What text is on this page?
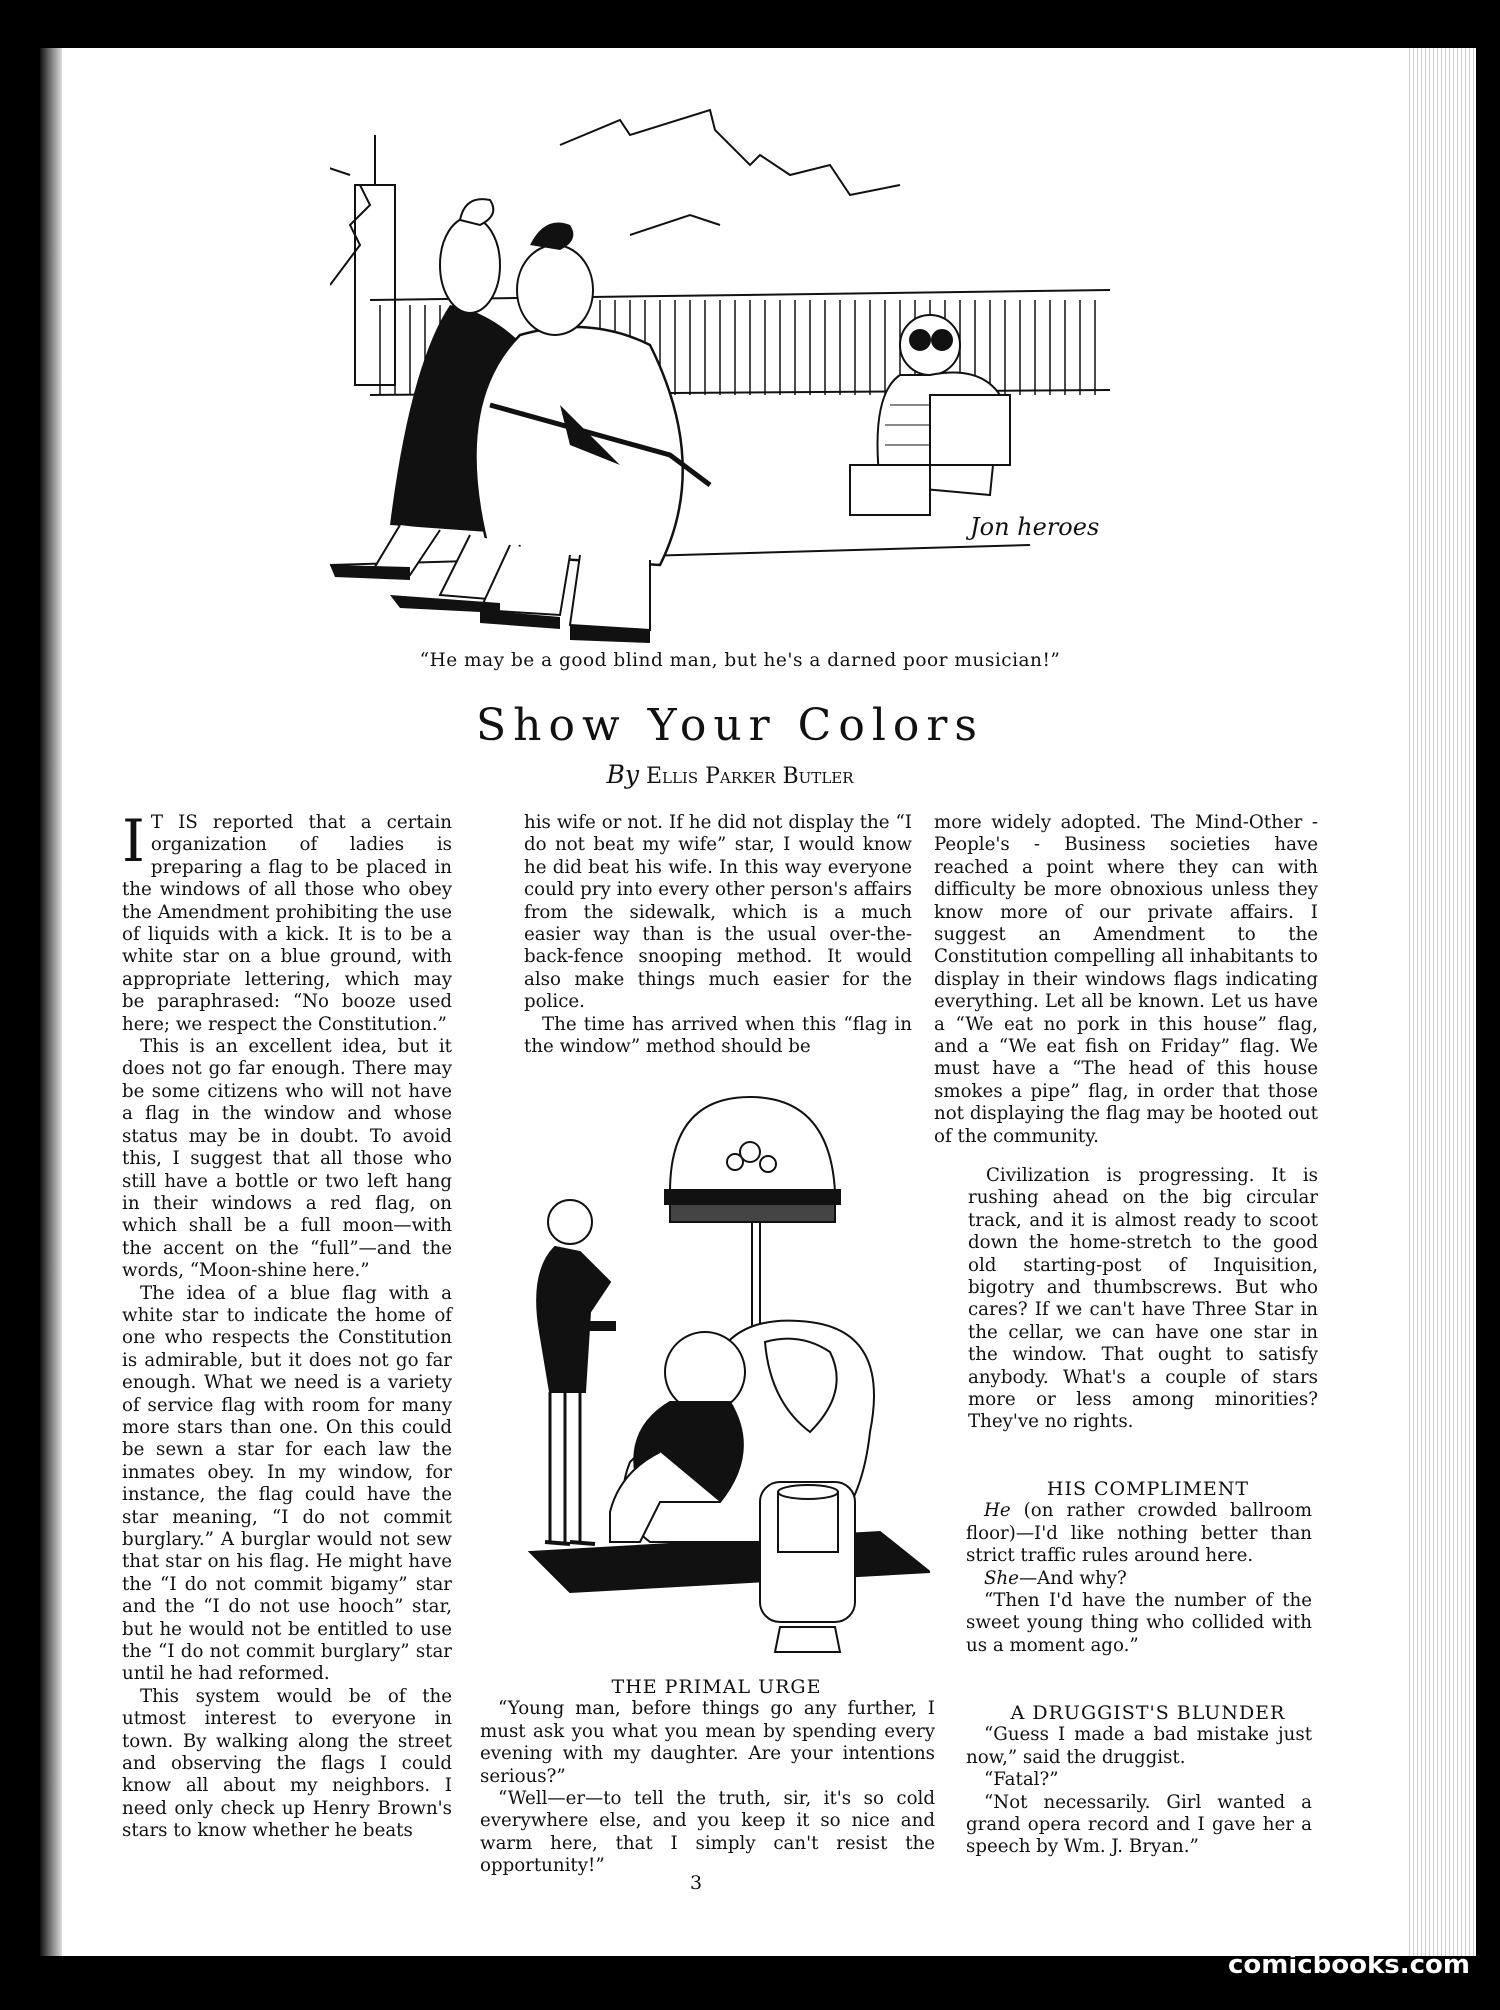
Jon heroes
“He may be a good blind man, but he's a darned poor musician!”
Show Your Colors
By Ellis Parker Butler

I T IS reported that a certain organization of ladies is preparing a flag to be placed in the windows of all those who obey the Amendment prohibiting the use of liquids with a kick. It is to be a white star on a blue ground, with appropriate lettering, which may be paraphrased: “No booze used here; we respect the Constitution.”

This is an excellent idea, but it does not go far enough. There may be some citizens who will not have a flag in the window and whose status may be in doubt. To avoid this, I suggest that all those who still have a bottle or two left hang in their windows a red flag, on which shall be a full moon—with the accent on the “full”—and the words, “Moon-shine here.”

The idea of a blue flag with a white star to indicate the home of one who respects the Constitution is admirable, but it does not go far enough. What we need is a variety of service flag with room for many more stars than one. On this could be sewn a star for each law the inmates obey. In my window, for instance, the flag could have the star meaning, “I do not commit burglary.” A burglar would not sew that star on his flag. He might have the “I do not commit bigamy” star and the “I do not use hooch” star, but he would not be entitled to use the “I do not commit burglary” star until he had reformed.

This system would be of the utmost interest to everyone in town. By walking along the street and observing the flags I could know all about my neighbors. I need only check up Henry Brown's stars to know whether he beats

his wife or not. If he did not display the “I do not beat my wife” star, I would know he did beat his wife. In this way everyone could pry into every other person's affairs from the sidewalk, which is a much easier way than is the usual over-the-back-fence snooping method. It would also make things much easier for the police.

The time has arrived when this “flag in the window” method should be

more widely adopted. The Mind-Other - People's - Business societies have reached a point where they can with difficulty be more obnoxious unless they know more of our private affairs. I suggest an Amendment to the Constitution compelling all inhabitants to display in their windows flags indicating everything. Let all be known. Let us have a “We eat no pork in this house” flag, and a “We eat fish on Friday” flag. We must have a “The head of this house smokes a pipe” flag, in order that those not displaying the flag may be hooted out of the community.

Civilization is progressing. It is rushing ahead on the big circular track, and it is almost ready to scoot down the home-stretch to the good old starting-post of Inquisition, bigotry and thumbscrews. But who cares? If we can't have Three Star in the cellar, we can have one star in the window. That ought to satisfy anybody. What's a couple of stars more or less among minorities? They've no rights.

THE PRIMAL URGE

“Young man, before things go any further, I must ask you what you mean by spending every evening with my daughter. Are your intentions serious?”

“Well—er—to tell the truth, sir, it's so cold everywhere else, and you keep it so nice and warm here, that I simply can't resist the opportunity!”

HIS COMPLIMENT

He (on rather crowded ballroom floor)—I'd like nothing better than strict traffic rules around here.

She—And why?

“Then I'd have the number of the sweet young thing who collided with us a moment ago.”

A DRUGGIST'S BLUNDER

“Guess I made a bad mistake just now,” said the druggist.

“Fatal?”

“Not necessarily. Girl wanted a grand opera record and I gave her a speech by Wm. J. Bryan.”

3
comicbooks.com
